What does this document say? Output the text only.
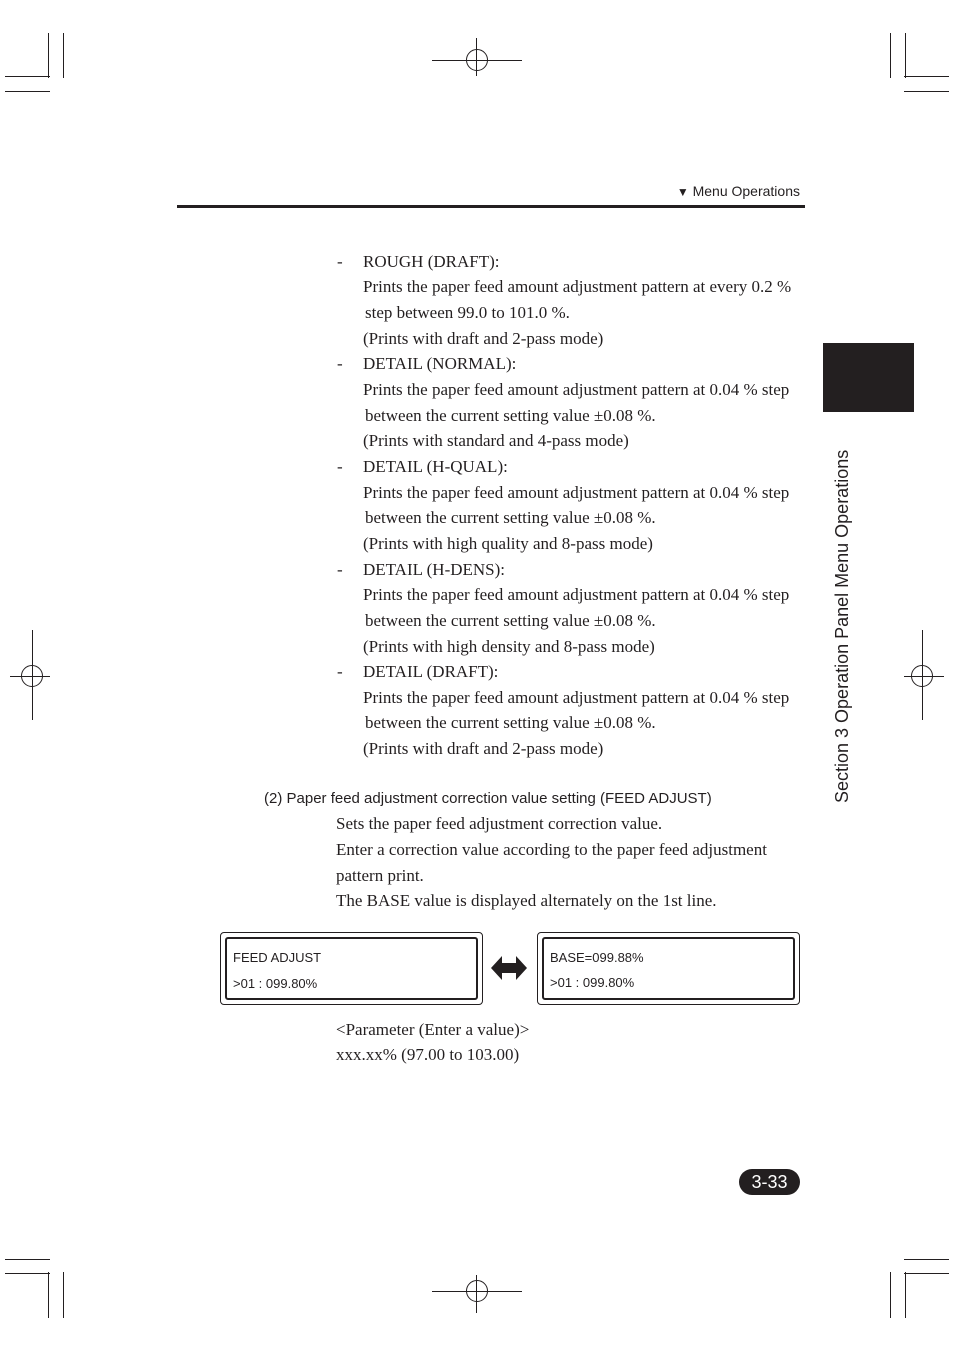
▼ Menu Operations
Section 3 Operation Panel Menu Operations
- ROUGH (DRAFT):
Prints the paper feed amount adjustment pattern at every 0.2 %
step between 99.0 to 101.0 %.
(Prints with draft and 2-pass mode)
- DETAIL (NORMAL):
Prints the paper feed amount adjustment pattern at 0.04 % step
between the current setting value ±0.08 %.
(Prints with standard and 4-pass mode)
- DETAIL (H-QUAL):
Prints the paper feed amount adjustment pattern at 0.04 % step
between the current setting value ±0.08 %.
(Prints with high quality and 8-pass mode)
- DETAIL (H-DENS):
Prints the paper feed amount adjustment pattern at 0.04 % step
between the current setting value ±0.08 %.
(Prints with high density and 8-pass mode)
- DETAIL (DRAFT):
Prints the paper feed amount adjustment pattern at 0.04 % step
between the current setting value ±0.08 %.
(Prints with draft and 2-pass mode)
(2) Paper feed adjustment correction value setting (FEED ADJUST)
Sets the paper feed adjustment correction value.
Enter a correction value according to the paper feed adjustment
pattern print.
The BASE value is displayed alternately on the 1st line.
FEED ADJUST
>01 : 099.80%
BASE=099.88%
>01 : 099.80%
<Parameter (Enter a value)>
xxx.xx% (97.00 to 103.00)
3-33
